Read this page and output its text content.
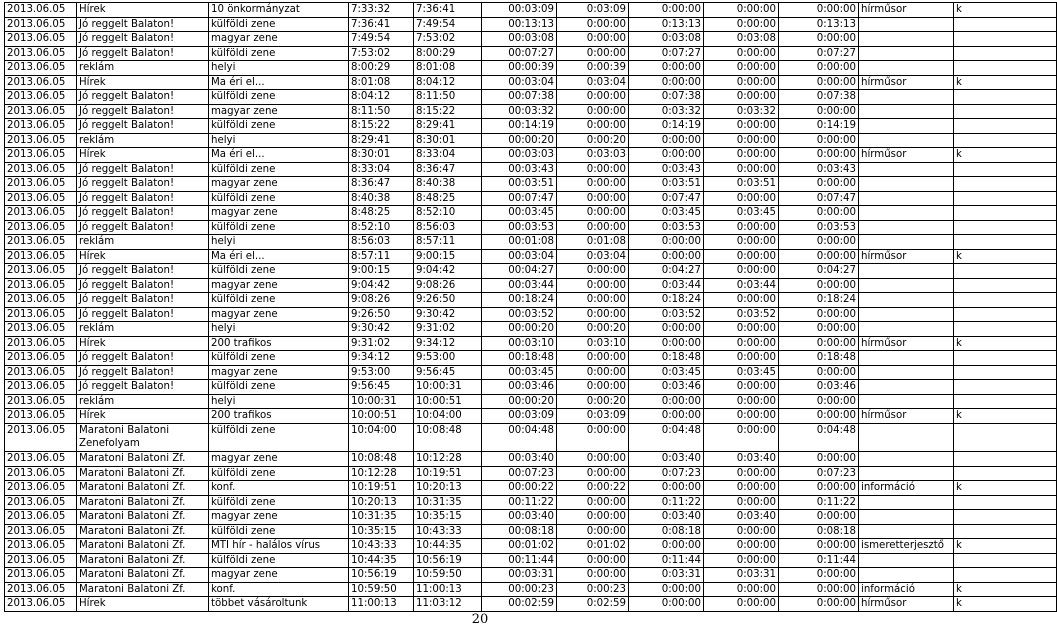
2013.06.05	Hírek	10 önkormányzat	7:33:32	7:36:41	00:03:09	0:03:09	0:00:00	0:00:00	0:00:00	hírműsor	k
2013.06.05	Jó reggelt Balaton!	külföldi zene	7:36:41	7:49:54	00:13:13	0:00:00	0:13:13	0:00:00	0:13:13		
2013.06.05	Jó reggelt Balaton!	magyar zene	7:49:54	7:53:02	00:03:08	0:00:00	0:03:08	0:03:08	0:00:00		
2013.06.05	Jó reggelt Balaton!	külföldi zene	7:53:02	8:00:29	00:07:27	0:00:00	0:07:27	0:00:00	0:07:27		
2013.06.05	reklám	helyi	8:00:29	8:01:08	00:00:39	0:00:39	0:00:00	0:00:00	0:00:00		
2013.06.05	Hírek	Ma éri el...	8:01:08	8:04:12	00:03:04	0:03:04	0:00:00	0:00:00	0:00:00	hírműsor	k
2013.06.05	Jó reggelt Balaton!	külföldi zene	8:04:12	8:11:50	00:07:38	0:00:00	0:07:38	0:00:00	0:07:38		
2013.06.05	Jó reggelt Balaton!	magyar zene	8:11:50	8:15:22	00:03:32	0:00:00	0:03:32	0:03:32	0:00:00		
2013.06.05	Jó reggelt Balaton!	külföldi zene	8:15:22	8:29:41	00:14:19	0:00:00	0:14:19	0:00:00	0:14:19		
2013.06.05	reklám	helyi	8:29:41	8:30:01	00:00:20	0:00:20	0:00:00	0:00:00	0:00:00		
2013.06.05	Hírek	Ma éri el...	8:30:01	8:33:04	00:03:03	0:03:03	0:00:00	0:00:00	0:00:00	hírműsor	k
2013.06.05	Jó reggelt Balaton!	külföldi zene	8:33:04	8:36:47	00:03:43	0:00:00	0:03:43	0:00:00	0:03:43		
2013.06.05	Jó reggelt Balaton!	magyar zene	8:36:47	8:40:38	00:03:51	0:00:00	0:03:51	0:03:51	0:00:00		
2013.06.05	Jó reggelt Balaton!	külföldi zene	8:40:38	8:48:25	00:07:47	0:00:00	0:07:47	0:00:00	0:07:47		
2013.06.05	Jó reggelt Balaton!	magyar zene	8:48:25	8:52:10	00:03:45	0:00:00	0:03:45	0:03:45	0:00:00		
2013.06.05	Jó reggelt Balaton!	külföldi zene	8:52:10	8:56:03	00:03:53	0:00:00	0:03:53	0:00:00	0:03:53		
2013.06.05	reklám	helyi	8:56:03	8:57:11	00:01:08	0:01:08	0:00:00	0:00:00	0:00:00		
2013.06.05	Hírek	Ma éri el...	8:57:11	9:00:15	00:03:04	0:03:04	0:00:00	0:00:00	0:00:00	hírműsor	k
2013.06.05	Jó reggelt Balaton!	külföldi zene	9:00:15	9:04:42	00:04:27	0:00:00	0:04:27	0:00:00	0:04:27		
2013.06.05	Jó reggelt Balaton!	magyar zene	9:04:42	9:08:26	00:03:44	0:00:00	0:03:44	0:03:44	0:00:00		
2013.06.05	Jó reggelt Balaton!	külföldi zene	9:08:26	9:26:50	00:18:24	0:00:00	0:18:24	0:00:00	0:18:24		
2013.06.05	Jó reggelt Balaton!	magyar zene	9:26:50	9:30:42	00:03:52	0:00:00	0:03:52	0:03:52	0:00:00		
2013.06.05	reklám	helyi	9:30:42	9:31:02	00:00:20	0:00:20	0:00:00	0:00:00	0:00:00		
2013.06.05	Hírek	200 trafikos	9:31:02	9:34:12	00:03:10	0:03:10	0:00:00	0:00:00	0:00:00	hírműsor	k
2013.06.05	Jó reggelt Balaton!	külföldi zene	9:34:12	9:53:00	00:18:48	0:00:00	0:18:48	0:00:00	0:18:48		
2013.06.05	Jó reggelt Balaton!	magyar zene	9:53:00	9:56:45	00:03:45	0:00:00	0:03:45	0:03:45	0:00:00		
2013.06.05	Jó reggelt Balaton!	külföldi zene	9:56:45	10:00:31	00:03:46	0:00:00	0:03:46	0:00:00	0:03:46		
2013.06.05	reklám	helyi	10:00:31	10:00:51	00:00:20	0:00:20	0:00:00	0:00:00	0:00:00		
2013.06.05	Hírek	200 trafikos	10:00:51	10:04:00	00:03:09	0:03:09	0:00:00	0:00:00	0:00:00	hírműsor	k
2013.06.05	Maratoni Balatoni Zenefolyam	külföldi zene	10:04:00	10:08:48	00:04:48	0:00:00	0:04:48	0:00:00	0:04:48		
2013.06.05	Maratoni Balatoni Zf.	magyar zene	10:08:48	10:12:28	00:03:40	0:00:00	0:03:40	0:03:40	0:00:00		
2013.06.05	Maratoni Balatoni Zf.	külföldi zene	10:12:28	10:19:51	00:07:23	0:00:00	0:07:23	0:00:00	0:07:23		
2013.06.05	Maratoni Balatoni Zf.	konf.	10:19:51	10:20:13	00:00:22	0:00:22	0:00:00	0:00:00	0:00:00	információ	k
2013.06.05	Maratoni Balatoni Zf.	külföldi zene	10:20:13	10:31:35	00:11:22	0:00:00	0:11:22	0:00:00	0:11:22		
2013.06.05	Maratoni Balatoni Zf.	magyar zene	10:31:35	10:35:15	00:03:40	0:00:00	0:03:40	0:03:40	0:00:00		
2013.06.05	Maratoni Balatoni Zf.	külföldi zene	10:35:15	10:43:33	00:08:18	0:00:00	0:08:18	0:00:00	0:08:18		
2013.06.05	Maratoni Balatoni Zf.	MTI hír - halálos vírus	10:43:33	10:44:35	00:01:02	0:01:02	0:00:00	0:00:00	0:00:00	ismeretterjesztő	k
2013.06.05	Maratoni Balatoni Zf.	külföldi zene	10:44:35	10:56:19	00:11:44	0:00:00	0:11:44	0:00:00	0:11:44		
2013.06.05	Maratoni Balatoni Zf.	magyar zene	10:56:19	10:59:50	00:03:31	0:00:00	0:03:31	0:03:31	0:00:00		
2013.06.05	Maratoni Balatoni Zf.	konf.	10:59:50	11:00:13	00:00:23	0:00:23	0:00:00	0:00:00	0:00:00	információ	k
2013.06.05	Hírek	többet vásároltunk	11:00:13	11:03:12	00:02:59	0:02:59	0:00:00	0:00:00	0:00:00	hírműsor	k
20
